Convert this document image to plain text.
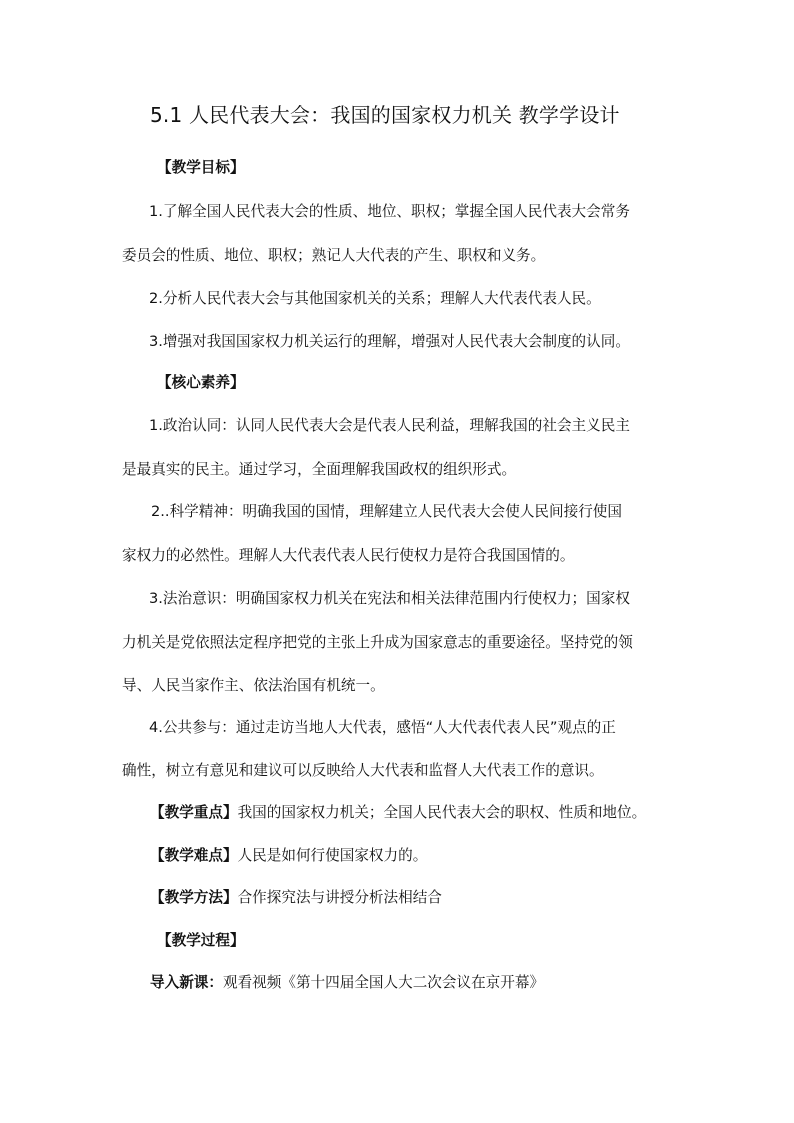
5.1 人民代表大会：我国的国家权力机关 教学学设计
【教学目标】
1.了解全国人民代表大会的性质、地位、职权；掌握全国人民代表大会常务
委员会的性质、地位、职权；熟记人大代表的产生、职权和义务。
2.分析人民代表大会与其他国家机关的关系；理解人大代表代表人民。
3.增强对我国国家权力机关运行的理解，增强对人民代表大会制度的认同。
【核心素养】
1.政治认同：认同人民代表大会是代表人民利益，理解我国的社会主义民主
是最真实的民主。通过学习，全面理解我国政权的组织形式。
2..科学精神：明确我国的国情，理解建立人民代表大会使人民间接行使国
家权力的必然性。理解人大代表代表人民行使权力是符合我国国情的。
3.法治意识：明确国家权力机关在宪法和相关法律范围内行使权力；国家权
力机关是党依照法定程序把党的主张上升成为国家意志的重要途径。坚持党的领
导、人民当家作主、依法治国有机统一。
4.公共参与：通过走访当地人大代表，感悟“人大代表代表人民”观点的正
确性，树立有意见和建议可以反映给人大代表和监督人大代表工作的意识。
【教学重点】我国的国家权力机关；全国人民代表大会的职权、性质和地位。
【教学难点】人民是如何行使国家权力的。
【教学方法】合作探究法与讲授分析法相结合
【教学过程】
导入新课：观看视频《第十四届全国人大二次会议在京开幕》
